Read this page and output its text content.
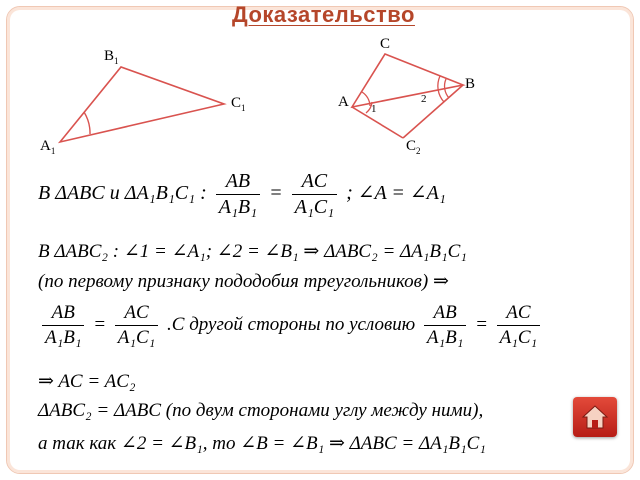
Доказательство
$B_1$
$C_1$
$A_1$
C
B
A
$C_2$
1
2
B ΔABC и ΔA₁B₁C₁ : $\frac{AB}{\text{A₁B₁}} = \frac{AC}{\text{A₁C₁}}$ ; ∠A = ∠A₁
B ΔABC₂ : ∠1 = ∠A₁; ∠2 = ∠B₁ ⇒ ΔABC₂ = ΔA₁B₁C₁
(по первому признаку пододобия треугольников) ⇒
$\frac{AB}{\text{A₁B₁}} = \frac{AC}{\text{A₁C₁}} .С$ другой стороны по условию $\frac{AB}{\text{A₁B₁}} = \frac{AC}{\text{A₁C₁}}$
⇒ AC = AC₂
ΔABC₂ = ΔABC (по двум сторонами углу между ними),
а так как ∠2 = ∠B₁, то ∠B = ∠B₁ ⇒ ΔABC = ΔA₁B₁C₁
